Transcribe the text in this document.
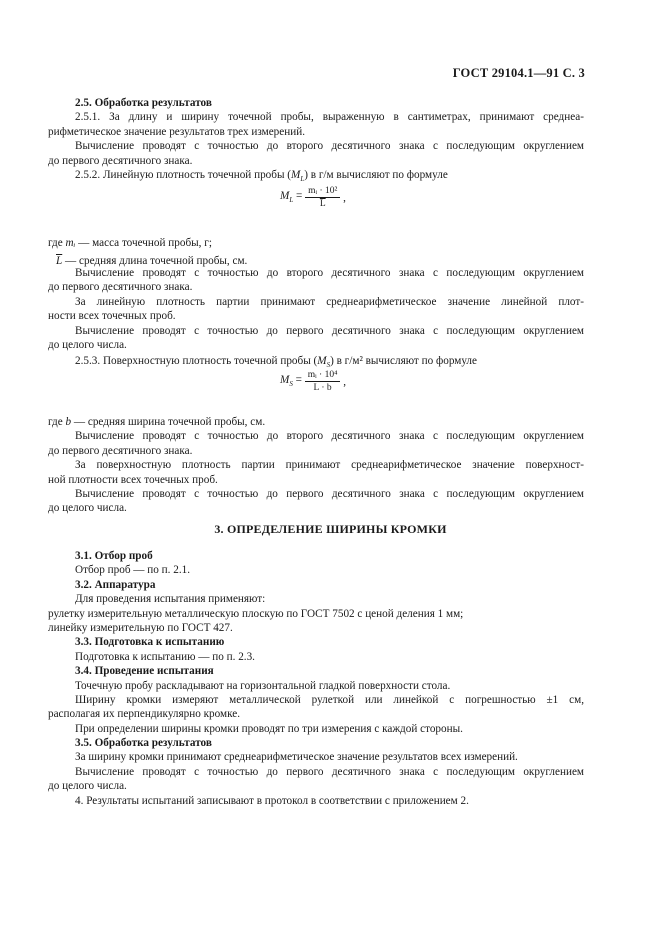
ГОСТ 29104.1—91 С. 3
2.5. Обработка результатов
2.5.1. За длину и ширину точечной пробы, выраженную в сантиметрах, принимают среднеа-
рифметическое значение результатов трех измерений.
Вычисление проводят с точностью до второго десятичного знака с последующим округлением
до первого десятичного знака.
2.5.2. Линейную плотность точечной пробы $(M_L)$ в г/м вычисляют по формуле
$M_L = \frac{\text{mᵢ · 10²}}{L}$ ,
где mᵢ — масса точечной пробы, г;
$\overline{L}$ — средняя длина точечной пробы, см.
Вычисление проводят с точностью до второго десятичного знака с последующим округлением
до первого десятичного знака.
За линейную плотность партии принимают среднеарифметическое значение линейной плот-
ности всех точечных проб.
Вычисление проводят с точностью до первого десятичного знака с последующим округлением
до целого числа.
2.5.3. Поверхностную плотность точечной пробы $(M_S)$ в г/м² вычисляют по формуле
$M_S = \frac{\text{mᵢ · 10⁴}}{L \cdot b}$ ,
где b — средняя ширина точечной пробы, см.
Вычисление проводят с точностью до второго десятичного знака с последующим округлением
до первого десятичного знака.
За поверхностную плотность партии принимают среднеарифметическое значение поверхност-
ной плотности всех точечных проб.
Вычисление проводят с точностью до первого десятичного знака с последующим округлением
до целого числа.
3. ОПРЕДЕЛЕНИЕ ШИРИНЫ КРОМКИ
3.1. Отбор проб
Отбор проб — по п. 2.1.
3.2. Аппаратура
Для проведения испытания применяют:
рулетку измерительную металлическую плоскую по ГОСТ 7502 с ценой деления 1 мм;
линейку измерительную по ГОСТ 427.
3.3. Подготовка к испытанию
Подготовка к испытанию — по п. 2.3.
3.4. Проведение испытания
Точечную пробу раскладывают на горизонтальной гладкой поверхности стола.
Ширину кромки измеряют металлической рулеткой или линейкой с погрешностью ±1 см,
располагая их перпендикулярно кромке.
При определении ширины кромки проводят по три измерения с каждой стороны.
3.5. Обработка результатов
За ширину кромки принимают среднеарифметическое значение результатов всех измерений.
Вычисление проводят с точностью до первого десятичного знака с последующим округлением
до целого числа.
4. Результаты испытаний записывают в протокол в соответствии с приложением 2.
